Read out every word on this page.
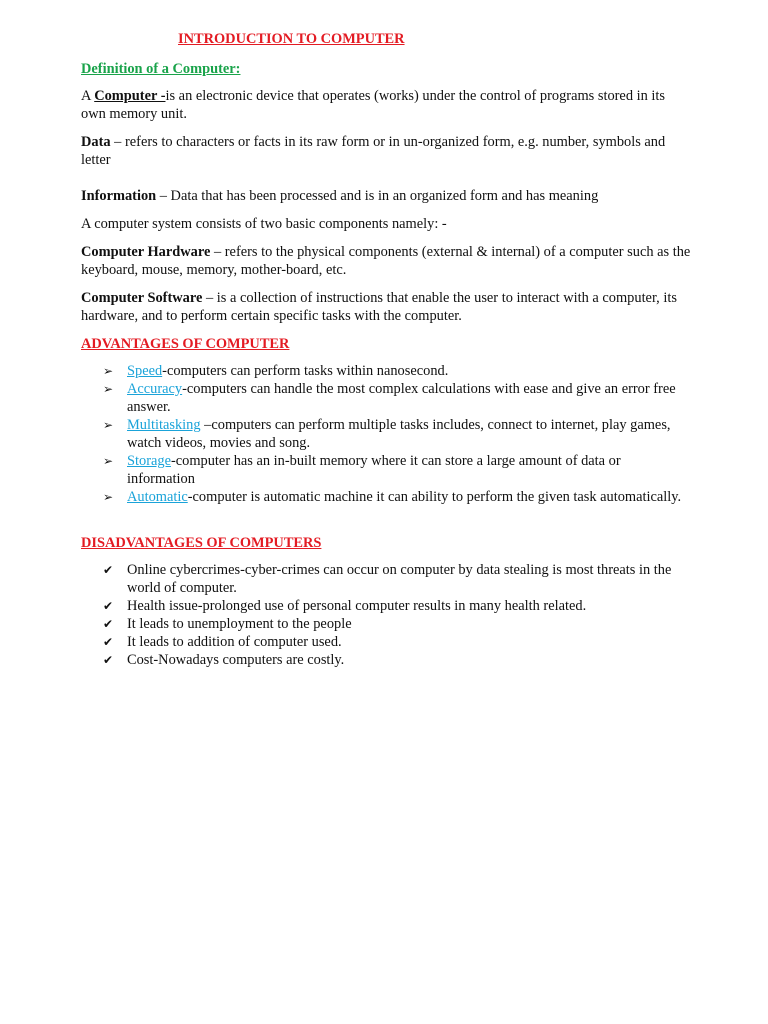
INTRODUCTION TO COMPUTER
Definition of a Computer:
A Computer -is an electronic device that operates (works) under the control of programs stored in its own memory unit.
Data – refers to characters or facts in its raw form or in un-organized form, e.g. number, symbols and letter
Information – Data that has been processed and is in an organized form and has meaning
A computer system consists of two basic components namely: -
Computer Hardware – refers to the physical components (external & internal) of a computer such as the keyboard, mouse, memory, mother-board, etc.
Computer Software – is a collection of instructions that enable the user to interact with a computer, its hardware, and to perform certain specific tasks with the computer.
ADVANTAGES OF COMPUTER
➢ Speed-computers can perform tasks within nanosecond.
➢ Accuracy-computers can handle the most complex calculations with ease and give an error free answer.
➢ Multitasking –computers can perform multiple tasks includes, connect to internet, play games, watch videos, movies and song.
➢ Storage-computer has an in-built memory where it can store a large amount of data or information
➢ Automatic-computer is automatic machine it can ability to perform the given task automatically.
DISADVANTAGES OF COMPUTERS
✔ Online cybercrimes-cyber-crimes can occur on computer by data stealing is most threats in the world of computer.
✔ Health issue-prolonged use of personal computer results in many health related.
✔ It leads to unemployment to the people
✔ It leads to addition of computer used.
✔ Cost-Nowadays computers are costly.
